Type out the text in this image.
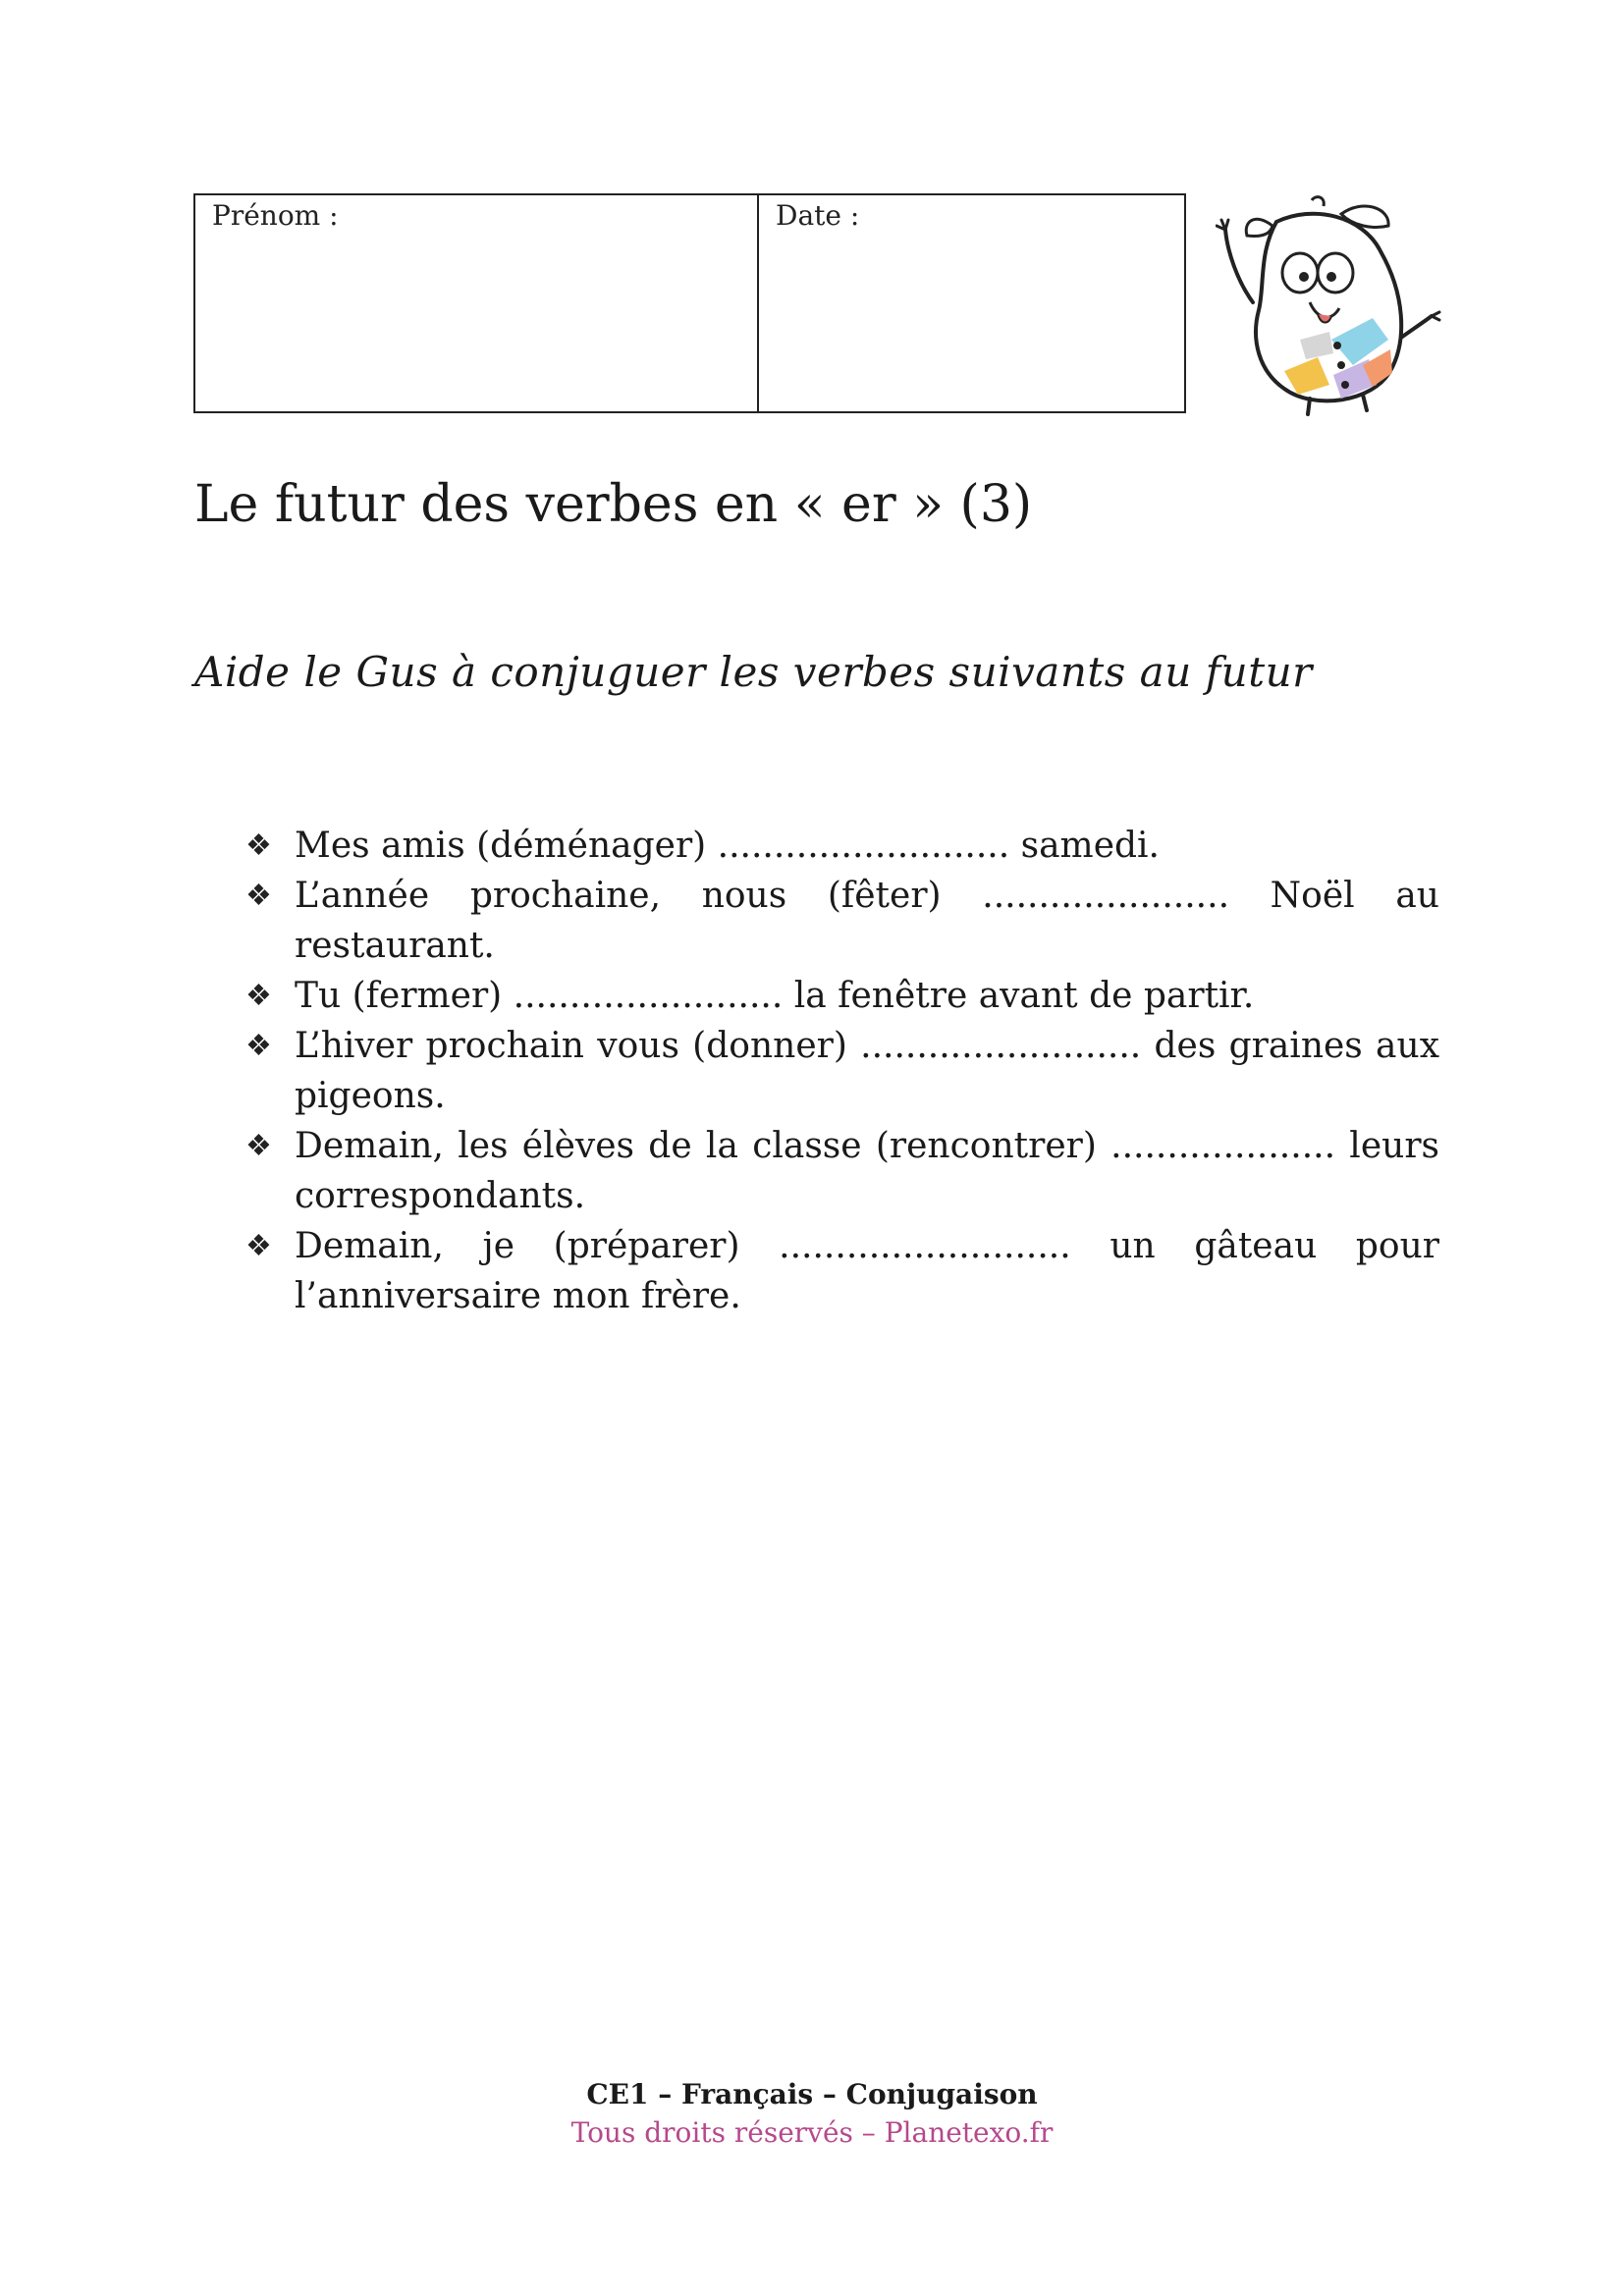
Prénom :	Date :
Le futur des verbes en « er » (3)
Aide le Gus à conjuguer les verbes suivants au futur
❖ Mes amis (déménager) .......................... samedi.
❖ L’année prochaine, nous (fêter) ...................... Noël au restaurant.
❖ Tu (fermer) ........................ la fenêtre avant de partir.
❖ L’hiver prochain vous (donner) ......................... des graines aux pigeons.
❖ Demain, les élèves de la classe (rencontrer) .................... leurs correspondants.
❖ Demain, je (préparer) .......................... un gâteau pour l’anniversaire mon frère.
CE1 – Français – Conjugaison
Tous droits réservés – Planetexo.fr
